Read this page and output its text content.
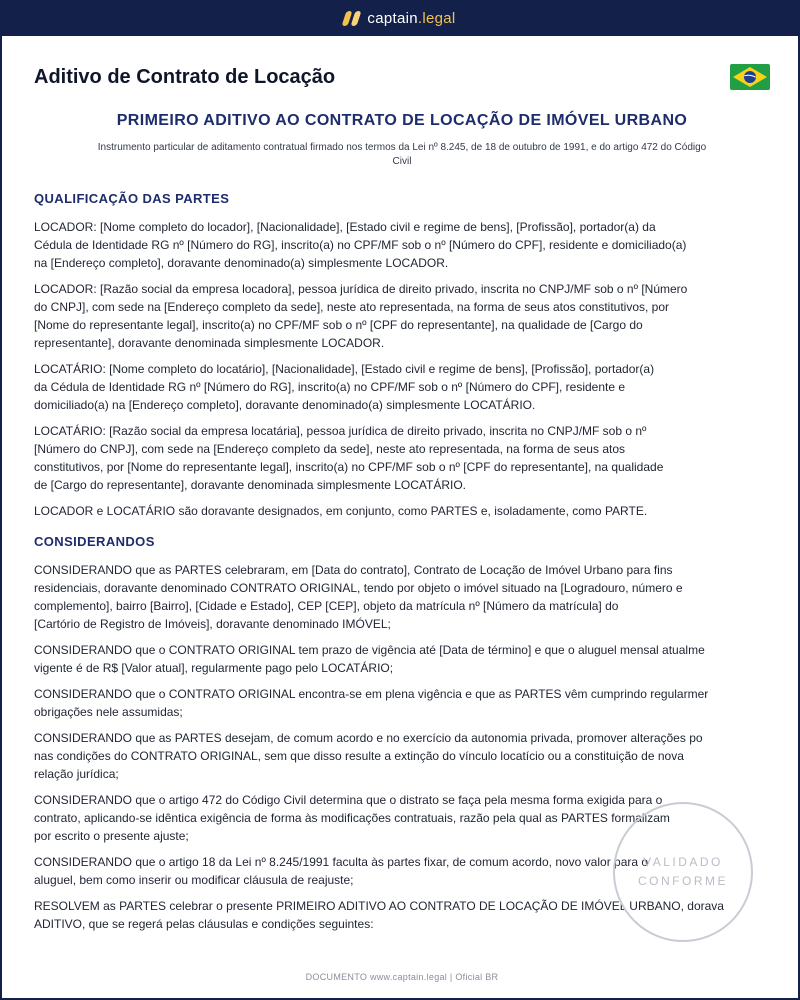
captain.legal
Aditivo de Contrato de Locação
PRIMEIRO ADITIVO AO CONTRATO DE LOCAÇÃO DE IMÓVEL URBANO

Instrumento particular de aditamento contratual firmado nos termos da Lei nº 8.245, de 18 de outubro de 1991, e do artigo 472 do Código
Civil

QUALIFICAÇÃO DAS PARTES

LOCADOR: [Nome completo do locador], [Nacionalidade], [Estado civil e regime de bens], [Profissão], portador(a) da
Cédula de Identidade RG nº [Número do RG], inscrito(a) no CPF/MF sob o nº [Número do CPF], residente e domiciliado(a)
na [Endereço completo], doravante denominado(a) simplesmente LOCADOR.

LOCADOR: [Razão social da empresa locadora], pessoa jurídica de direito privado, inscrita no CNPJ/MF sob o nº [Número
do CNPJ], com sede na [Endereço completo da sede], neste ato representada, na forma de seus atos constitutivos, por
[Nome do representante legal], inscrito(a) no CPF/MF sob o nº [CPF do representante], na qualidade de [Cargo do
representante], doravante denominada simplesmente LOCADOR.

LOCATÁRIO: [Nome completo do locatário], [Nacionalidade], [Estado civil e regime de bens], [Profissão], portador(a)
da Cédula de Identidade RG nº [Número do RG], inscrito(a) no CPF/MF sob o nº [Número do CPF], residente e
domiciliado(a) na [Endereço completo], doravante denominado(a) simplesmente LOCATÁRIO.

LOCATÁRIO: [Razão social da empresa locatária], pessoa jurídica de direito privado, inscrita no CNPJ/MF sob o nº
[Número do CNPJ], com sede na [Endereço completo da sede], neste ato representada, na forma de seus atos
constitutivos, por [Nome do representante legal], inscrito(a) no CPF/MF sob o nº [CPF do representante], na qualidade
de [Cargo do representante], doravante denominada simplesmente LOCATÁRIO.

LOCADOR e LOCATÁRIO são doravante designados, em conjunto, como PARTES e, isoladamente, como PARTE.

CONSIDERANDOS

CONSIDERANDO que as PARTES celebraram, em [Data do contrato], Contrato de Locação de Imóvel Urbano para fins
residenciais, doravante denominado CONTRATO ORIGINAL, tendo por objeto o imóvel situado na [Logradouro, número e
complemento], bairro [Bairro], [Cidade e Estado], CEP [CEP], objeto da matrícula nº [Número da matrícula] do
[Cartório de Registro de Imóveis], doravante denominado IMÓVEL;

CONSIDERANDO que o CONTRATO ORIGINAL tem prazo de vigência até [Data de término] e que o aluguel mensal atualme
vigente é de R$ [Valor atual], regularmente pago pelo LOCATÁRIO;

CONSIDERANDO que o CONTRATO ORIGINAL encontra-se em plena vigência e que as PARTES vêm cumprindo regularmer
obrigações nele assumidas;

CONSIDERANDO que as PARTES desejam, de comum acordo e no exercício da autonomia privada, promover alterações po
nas condições do CONTRATO ORIGINAL, sem que disso resulte a extinção do vínculo locatício ou a constituição de nova
relação jurídica;

CONSIDERANDO que o artigo 472 do Código Civil determina que o distrato se faça pela mesma forma exigida para o
contrato, aplicando-se idêntica exigência de forma às modificações contratuais, razão pela qual as PARTES formalizam
por escrito o presente ajuste;

CONSIDERANDO que o artigo 18 da Lei nº 8.245/1991 faculta às partes fixar, de comum acordo, novo valor para o
aluguel, bem como inserir ou modificar cláusula de reajuste;

RESOLVEM as PARTES celebrar o presente PRIMEIRO ADITIVO AO CONTRATO DE LOCAÇÃO DE IMÓVEL URBANO, dorava
ADITIVO, que se regerá pelas cláusulas e condições seguintes:

VALIDADO
CONFORME
DOCUMENTO www.captain.legal | Oficial BR
